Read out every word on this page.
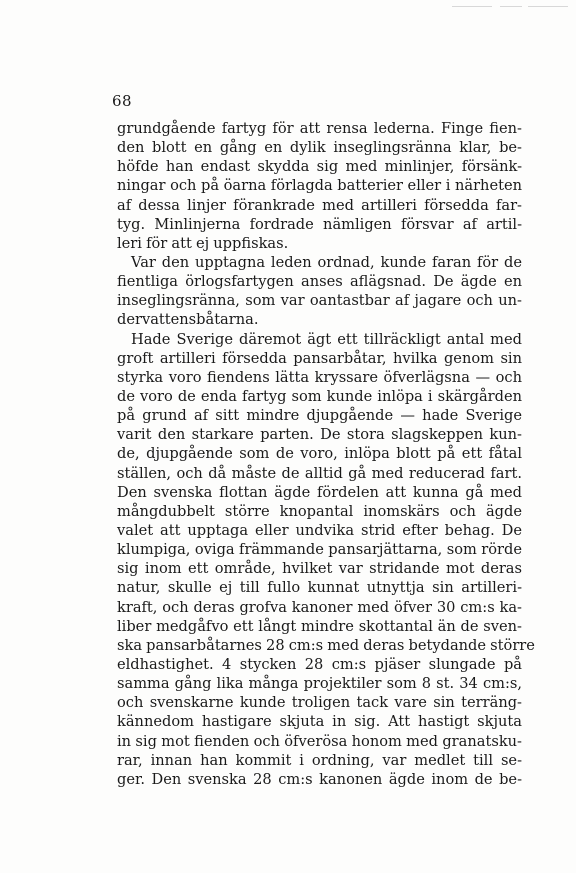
68
grundgående fartyg för att rensa lederna. Finge fien-
den blott en gång en dylik inseglingsränna klar, be-
höfde han endast skydda sig med minlinjer, försänk-
ningar och på öarna förlagda batterier eller i närheten
af dessa linjer förankrade med artilleri försedda far-
tyg. Minlinjerna fordrade nämligen försvar af artil-
leri för att ej uppfiskas.
Var den upptagna leden ordnad, kunde faran för de
fientliga örlogsfartygen anses aflägsnad. De ägde en
inseglingsränna, som var oantastbar af jagare och un-
dervattensbåtarna.
Hade Sverige däremot ägt ett tillräckligt antal med
groft artilleri försedda pansarbåtar, hvilka genom sin
styrka voro fiendens lätta kryssare öfverlägsna — och
de voro de enda fartyg som kunde inlöpa i skärgården
på grund af sitt mindre djupgående — hade Sverige
varit den starkare parten. De stora slagskeppen kun-
de, djupgående som de voro, inlöpa blott på ett fåtal
ställen, och då måste de alltid gå med reducerad fart.
Den svenska flottan ägde fördelen att kunna gå med
mångdubbelt större knopantal inomskärs och ägde
valet att upptaga eller undvika strid efter behag. De
klumpiga, oviga främmande pansarjättarna, som rörde
sig inom ett område, hvilket var stridande mot deras
natur, skulle ej till fullo kunnat utnyttja sin artilleri-
kraft, och deras grofva kanoner med öfver 30 cm:s ka-
liber medgåfvo ett långt mindre skottantal än de sven-
ska pansarbåtarnes 28 cm:s med deras betydande större
eldhastighet. 4 stycken 28 cm:s pjäser slungade på
samma gång lika många projektiler som 8 st. 34 cm:s,
och svenskarne kunde troligen tack vare sin terräng-
kännedom hastigare skjuta in sig. Att hastigt skjuta
in sig mot fienden och öfverösa honom med granatsku-
rar, innan han kommit i ordning, var medlet till se-
ger. Den svenska 28 cm:s kanonen ägde inom de be-
